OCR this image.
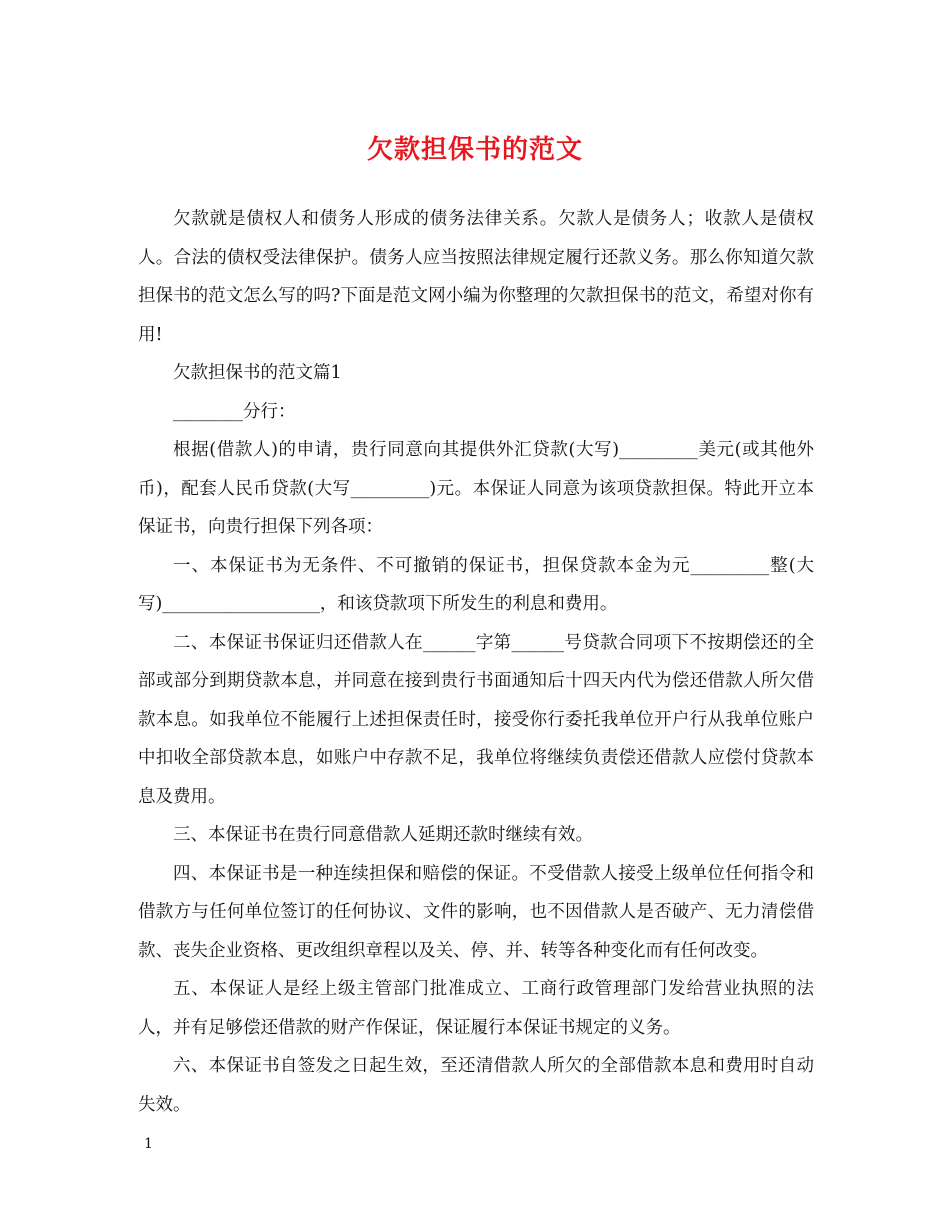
欠款担保书的范文

欠款就是债权人和债务人形成的债务法律关系。欠款人是债务人；收款人是债权人。合法的债权受法律保护。债务人应当按照法律规定履行还款义务。那么你知道欠款担保书的范文怎么写的吗?下面是范文网小编为你整理的欠款担保书的范文，希望对你有用!

欠款担保书的范文篇1

________分行：

根据(借款人)的申请，贵行同意向其提供外汇贷款(大写)_________美元(或其他外币)，配套人民币贷款(大写_________)元。本保证人同意为该项贷款担保。特此开立本保证书，向贵行担保下列各项：

一、本保证书为无条件、不可撤销的保证书，担保贷款本金为元_________整(大写)__________________，和该贷款项下所发生的利息和费用。

二、本保证书保证归还借款人在______字第______号贷款合同项下不按期偿还的全部或部分到期贷款本息，并同意在接到贵行书面通知后十四天内代为偿还借款人所欠借款本息。如我单位不能履行上述担保责任时，接受你行委托我单位开户行从我单位账户中扣收全部贷款本息，如账户中存款不足，我单位将继续负责偿还借款人应偿付贷款本息及费用。

三、本保证书在贵行同意借款人延期还款时继续有效。

四、本保证书是一种连续担保和赔偿的保证。不受借款人接受上级单位任何指令和借款方与任何单位签订的任何协议、文件的影响，也不因借款人是否破产、无力清偿借款、丧失企业资格、更改组织章程以及关、停、并、转等各种变化而有任何改变。

五、本保证人是经上级主管部门批准成立、工商行政管理部门发给营业执照的法人，并有足够偿还借款的财产作保证，保证履行本保证书规定的义务。

六、本保证书自签发之日起生效，至还清借款人所欠的全部借款本息和费用时自动失效。

1
